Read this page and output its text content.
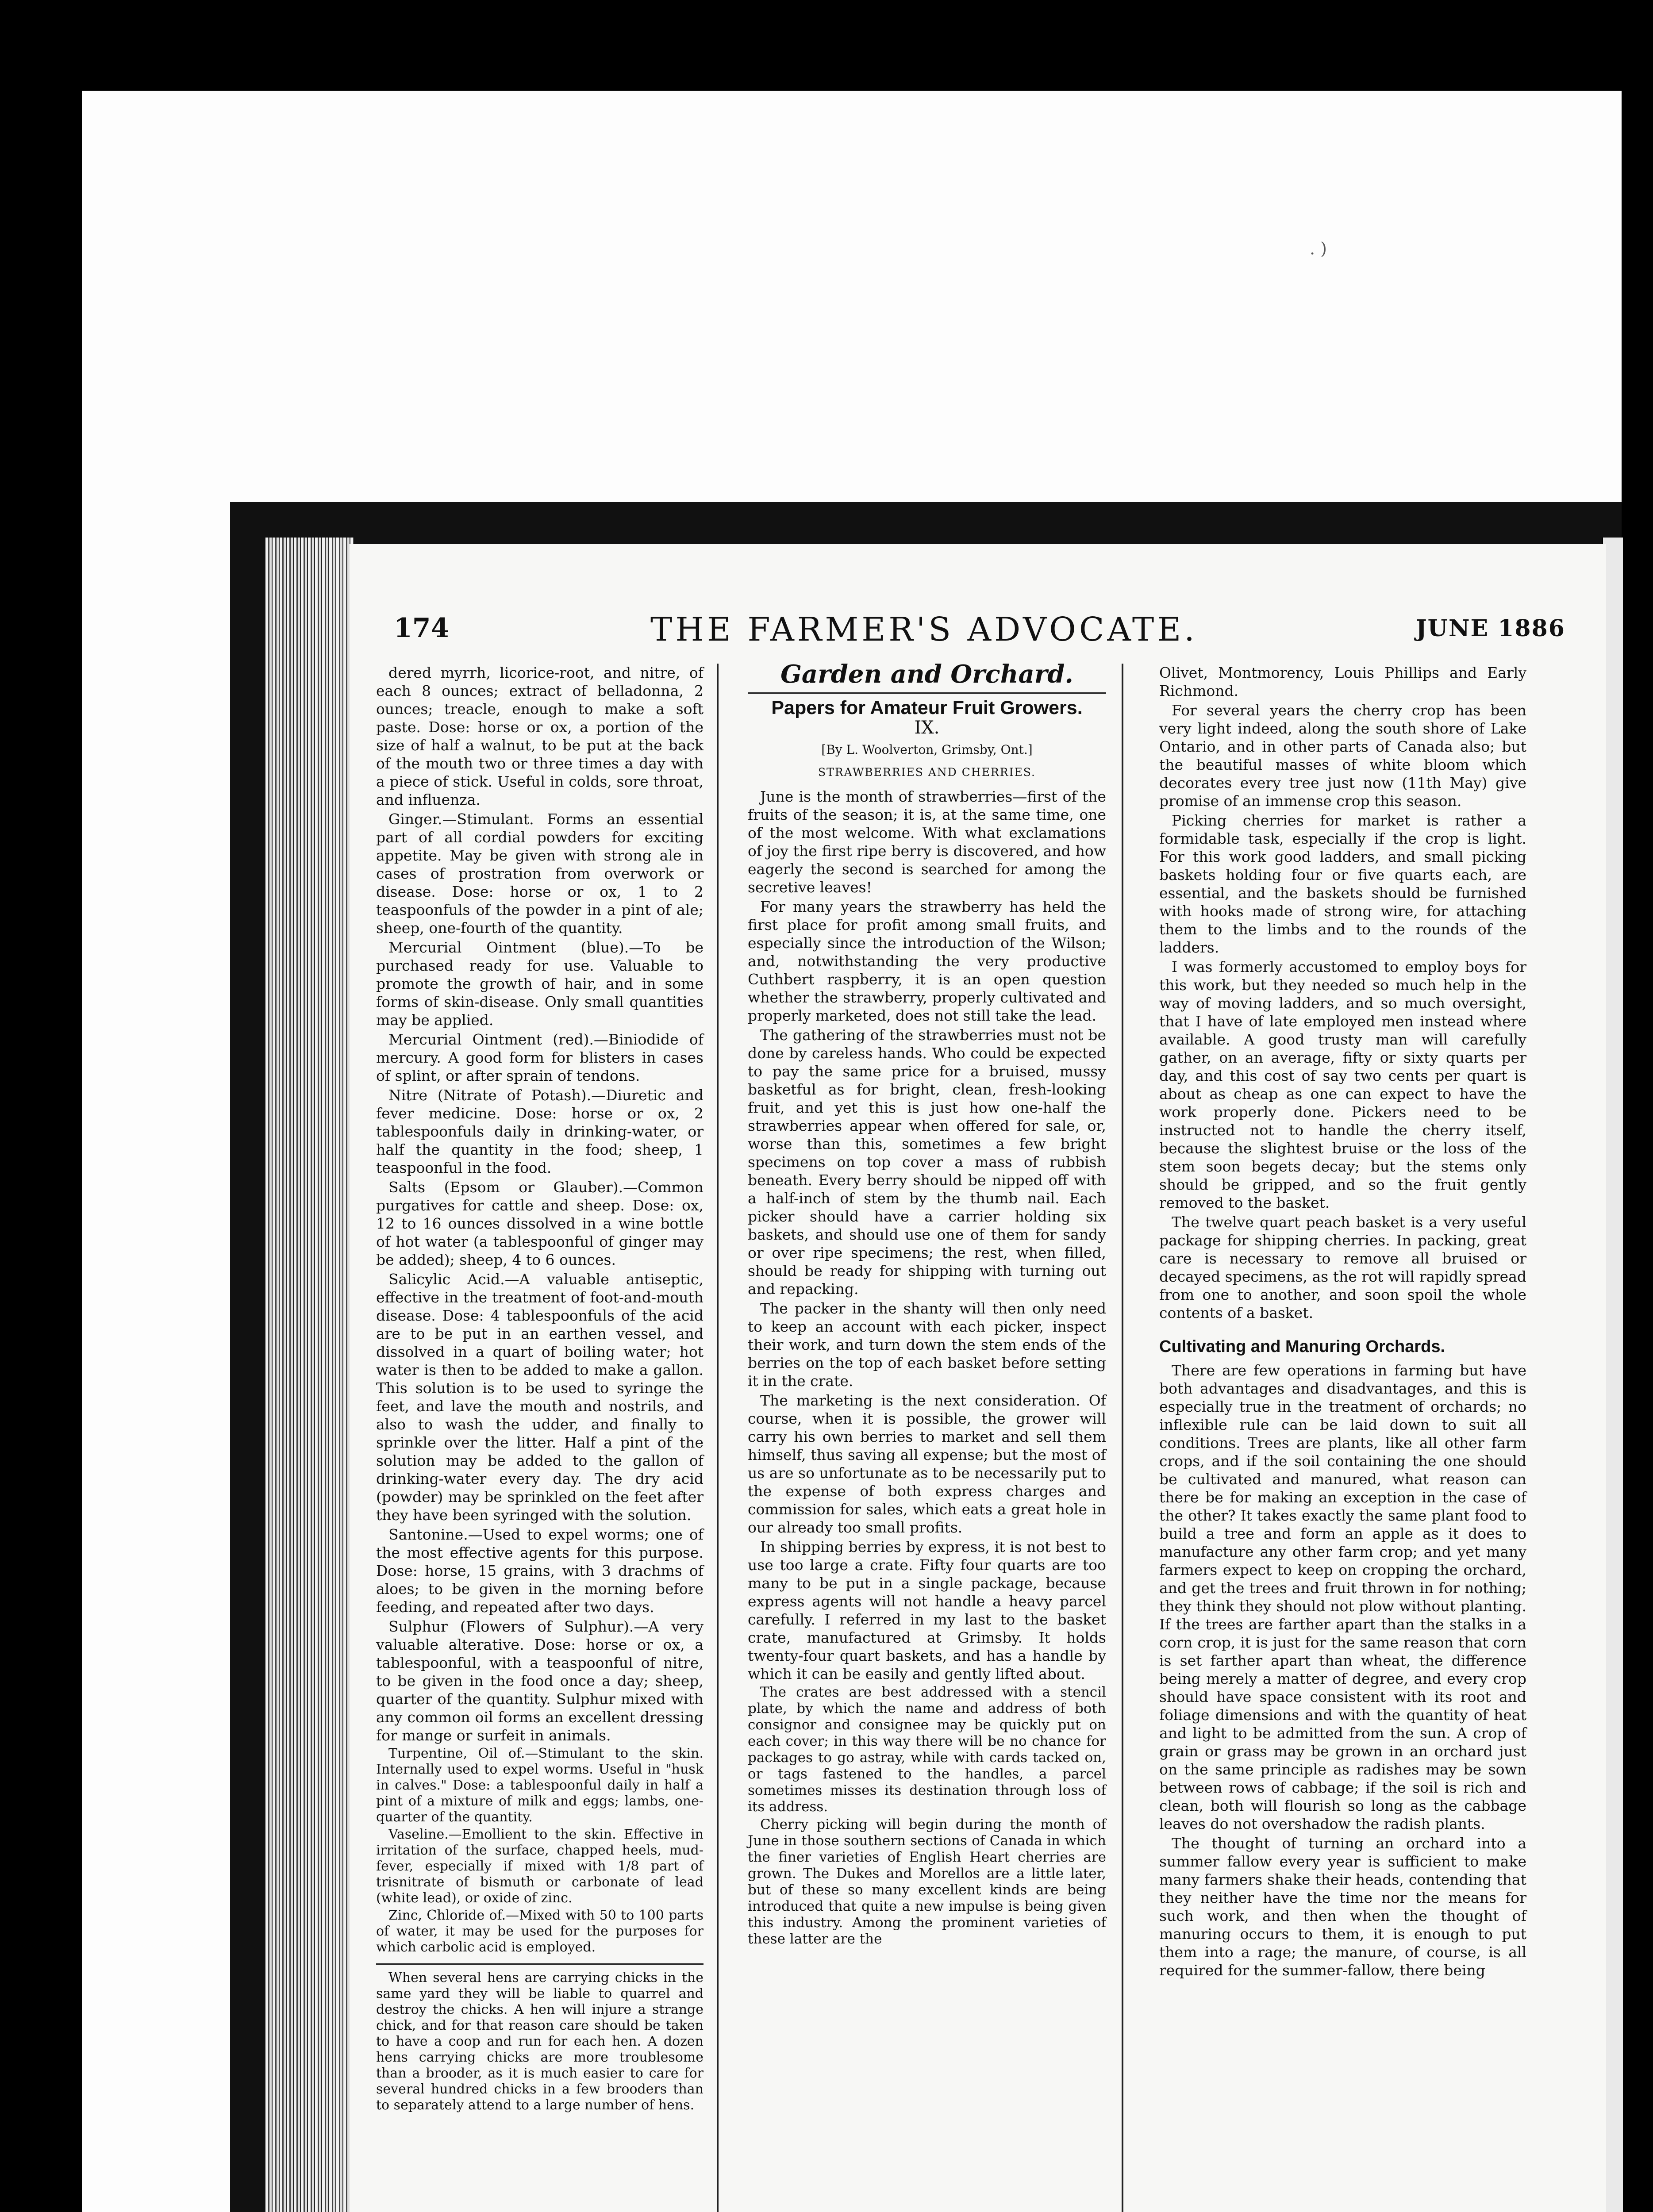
. )
174	THE FARMER'S ADVOCATE.	JUNE 1886

dered myrrh, licorice-root, and nitre, of each 8 ounces; extract of belladonna, 2 ounces; treacle, enough to make a soft paste. Dose: horse or ox, a portion of the size of half a walnut, to be put at the back of the mouth two or three times a day with a piece of stick. Useful in colds, sore throat, and influenza.

Ginger.—Stimulant. Forms an essential part of all cordial powders for exciting appetite. May be given with strong ale in cases of prostration from overwork or disease. Dose: horse or ox, 1 to 2 teaspoonfuls of the powder in a pint of ale; sheep, one-fourth of the quantity.

Mercurial Ointment (blue).—To be purchased ready for use. Valuable to promote the growth of hair, and in some forms of skin-disease. Only small quantities may be applied.

Mercurial Ointment (red).—Biniodide of mercury. A good form for blisters in cases of splint, or after sprain of tendons.

Nitre (Nitrate of Potash).—Diuretic and fever medicine. Dose: horse or ox, 2 tablespoonfuls daily in drinking-water, or half the quantity in the food; sheep, 1 teaspoonful in the food.

Salts (Epsom or Glauber).—Common purgatives for cattle and sheep. Dose: ox, 12 to 16 ounces dissolved in a wine bottle of hot water (a tablespoonful of ginger may be added); sheep, 4 to 6 ounces.

Salicylic Acid.—A valuable antiseptic, effective in the treatment of foot-and-mouth disease. Dose: 4 tablespoonfuls of the acid are to be put in an earthen vessel, and dissolved in a quart of boiling water; hot water is then to be added to make a gallon. This solution is to be used to syringe the feet, and lave the mouth and nostrils, and also to wash the udder, and finally to sprinkle over the litter. Half a pint of the solution may be added to the gallon of drinking-water every day. The dry acid (powder) may be sprinkled on the feet after they have been syringed with the solution.

Santonine.—Used to expel worms; one of the most effective agents for this purpose. Dose: horse, 15 grains, with 3 drachms of aloes; to be given in the morning before feeding, and repeated after two days.

Sulphur (Flowers of Sulphur).—A very valuable alterative. Dose: horse or ox, a tablespoonful, with a teaspoonful of nitre, to be given in the food once a day; sheep, quarter of the quantity. Sulphur mixed with any common oil forms an excellent dressing for mange or surfeit in animals.

Turpentine, Oil of.—Stimulant to the skin. Internally used to expel worms. Useful in "husk in calves." Dose: a tablespoonful daily in half a pint of a mixture of milk and eggs; lambs, one-quarter of the quantity.

Vaseline.—Emollient to the skin. Effective in irritation of the surface, chapped heels, mud-fever, especially if mixed with 1/8 part of trisnitrate of bismuth or carbonate of lead (white lead), or oxide of zinc.

Zinc, Chloride of.—Mixed with 50 to 100 parts of water, it may be used for the purposes for which carbolic acid is employed.

When several hens are carrying chicks in the same yard they will be liable to quarrel and destroy the chicks. A hen will injure a strange chick, and for that reason care should be taken to have a coop and run for each hen. A dozen hens carrying chicks are more troublesome than a brooder, as it is much easier to care for several hundred chicks in a few brooders than to separately attend to a large number of hens.

Garden and Orchard.
Papers for Amateur Fruit Growers.
IX.
[By L. Woolverton, Grimsby, Ont.]
STRAWBERRIES AND CHERRIES.

June is the month of strawberries—first of the fruits of the season; it is, at the same time, one of the most welcome. With what exclamations of joy the first ripe berry is discovered, and how eagerly the second is searched for among the secretive leaves!

For many years the strawberry has held the first place for profit among small fruits, and especially since the introduction of the Wilson; and, notwithstanding the very productive Cuthbert raspberry, it is an open question whether the strawberry, properly cultivated and properly marketed, does not still take the lead.

The gathering of the strawberries must not be done by careless hands. Who could be expected to pay the same price for a bruised, mussy basketful as for bright, clean, fresh-looking fruit, and yet this is just how one-half the strawberries appear when offered for sale, or, worse than this, sometimes a few bright specimens on top cover a mass of rubbish beneath. Every berry should be nipped off with a half-inch of stem by the thumb nail. Each picker should have a carrier holding six baskets, and should use one of them for sandy or over ripe specimens; the rest, when filled, should be ready for shipping with turning out and repacking.

The packer in the shanty will then only need to keep an account with each picker, inspect their work, and turn down the stem ends of the berries on the top of each basket before setting it in the crate.

The marketing is the next consideration. Of course, when it is possible, the grower will carry his own berries to market and sell them himself, thus saving all expense; but the most of us are so unfortunate as to be necessarily put to the expense of both express charges and commission for sales, which eats a great hole in our already too small profits.

In shipping berries by express, it is not best to use too large a crate. Fifty four quarts are too many to be put in a single package, because express agents will not handle a heavy parcel carefully. I referred in my last to the basket crate, manufactured at Grimsby. It holds twenty-four quart baskets, and has a handle by which it can be easily and gently lifted about.

The crates are best addressed with a stencil plate, by which the name and address of both consignor and consignee may be quickly put on each cover; in this way there will be no chance for packages to go astray, while with cards tacked on, or tags fastened to the handles, a parcel sometimes misses its destination through loss of its address.

Cherry picking will begin during the month of June in those southern sections of Canada in which the finer varieties of English Heart cherries are grown. The Dukes and Morellos are a little later, but of these so many excellent kinds are being introduced that quite a new impulse is being given this industry. Among the prominent varieties of these latter are the

Olivet, Montmorency, Louis Phillips and Early Richmond.

For several years the cherry crop has been very light indeed, along the south shore of Lake Ontario, and in other parts of Canada also; but the beautiful masses of white bloom which decorates every tree just now (11th May) give promise of an immense crop this season.

Picking cherries for market is rather a formidable task, especially if the crop is light. For this work good ladders, and small picking baskets holding four or five quarts each, are essential, and the baskets should be furnished with hooks made of strong wire, for attaching them to the limbs and to the rounds of the ladders.

I was formerly accustomed to employ boys for this work, but they needed so much help in the way of moving ladders, and so much oversight, that I have of late employed men instead where available. A good trusty man will carefully gather, on an average, fifty or sixty quarts per day, and this cost of say two cents per quart is about as cheap as one can expect to have the work properly done. Pickers need to be instructed not to handle the cherry itself, because the slightest bruise or the loss of the stem soon begets decay; but the stems only should be gripped, and so the fruit gently removed to the basket.

The twelve quart peach basket is a very useful package for shipping cherries. In packing, great care is necessary to remove all bruised or decayed specimens, as the rot will rapidly spread from one to another, and soon spoil the whole contents of a basket.

Cultivating and Manuring Orchards.

There are few operations in farming but have both advantages and disadvantages, and this is especially true in the treatment of orchards; no inflexible rule can be laid down to suit all conditions. Trees are plants, like all other farm crops, and if the soil containing the one should be cultivated and manured, what reason can there be for making an exception in the case of the other? It takes exactly the same plant food to build a tree and form an apple as it does to manufacture any other farm crop; and yet many farmers expect to keep on cropping the orchard, and get the trees and fruit thrown in for nothing; they think they should not plow without planting. If the trees are farther apart than the stalks in a corn crop, it is just for the same reason that corn is set farther apart than wheat, the difference being merely a matter of degree, and every crop should have space consistent with its root and foliage dimensions and with the quantity of heat and light to be admitted from the sun. A crop of grain or grass may be grown in an orchard just on the same principle as radishes may be sown between rows of cabbage; if the soil is rich and clean, both will flourish so long as the cabbage leaves do not overshadow the radish plants.

The thought of turning an orchard into a summer fallow every year is sufficient to make many farmers shake their heads, contending that they neither have the time nor the means for such work, and then when the thought of manuring occurs to them, it is enough to put them into a rage; the manure, of course, is all required for the summer-fallow, there being
